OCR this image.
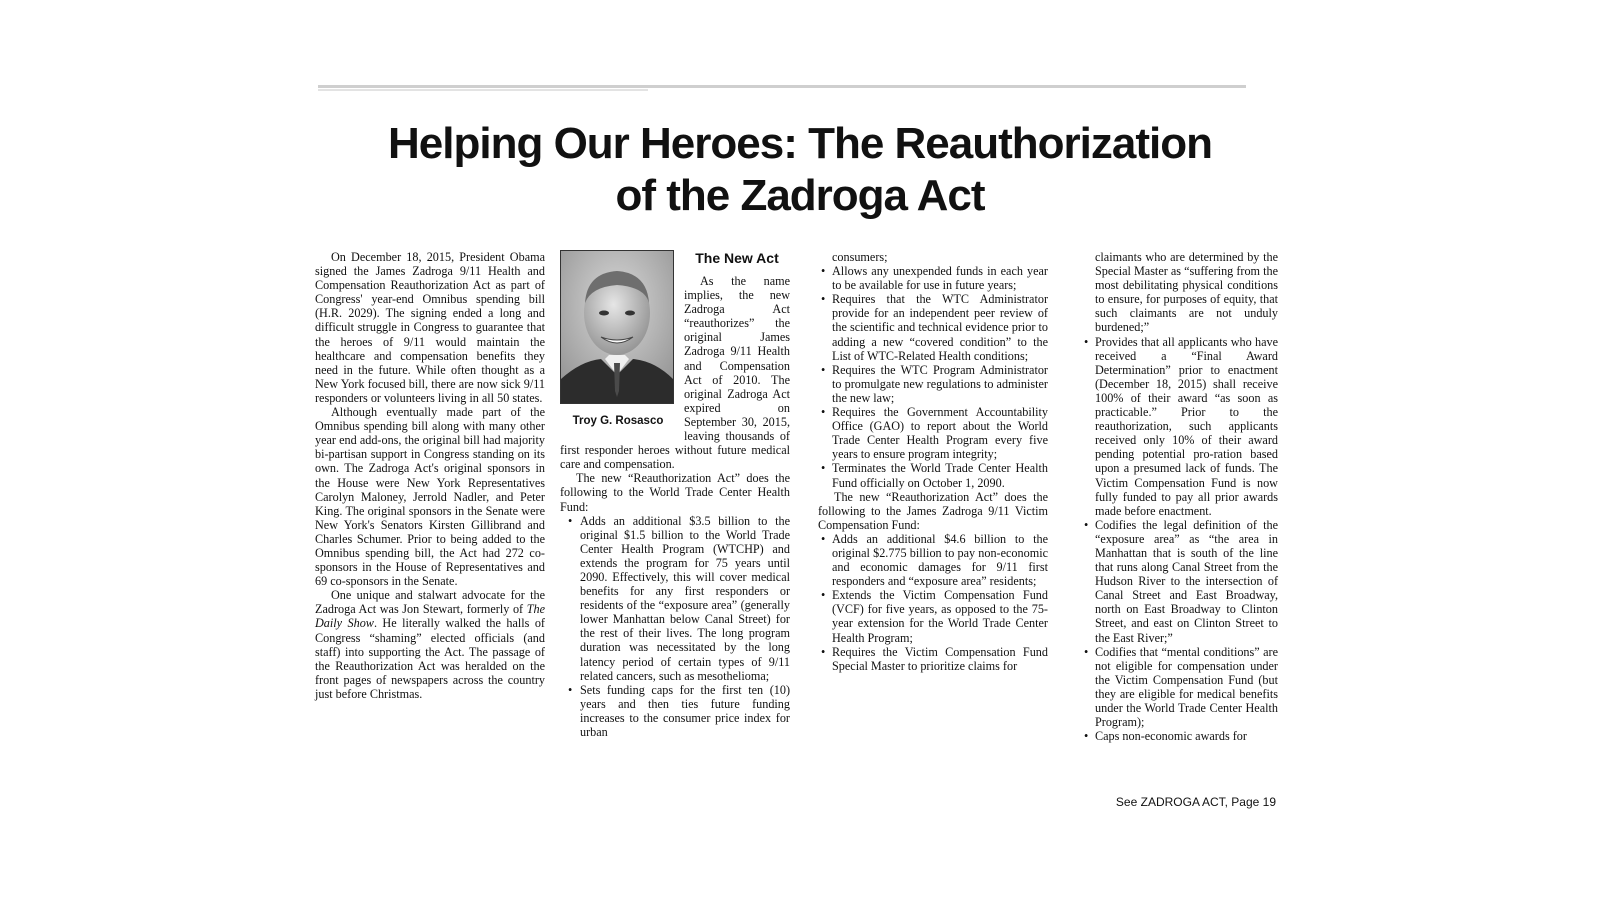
Helping Our Heroes: The Reauthorization
of the Zadroga Act

On December 18, 2015, President Obama signed the James Zadroga 9/11 Health and Compensation Reauthorization Act as part of Congress' year-end Omnibus spending bill (H.R. 2029). The signing ended a long and difficult struggle in Congress to guarantee that the heroes of 9/11 would maintain the healthcare and compensation benefits they need in the future. While often thought as a New York focused bill, there are now sick 9/11 responders or volunteers living in all 50 states.

Although eventually made part of the Omnibus spending bill along with many other year end add-ons, the original bill had majority bi-partisan support in Congress standing on its own. The Zadroga Act's original sponsors in the House were New York Representatives Carolyn Maloney, Jerrold Nadler, and Peter King. The original sponsors in the Senate were New York's Senators Kirsten Gillibrand and Charles Schumer. Prior to being added to the Omnibus spending bill, the Act had 272 co-sponsors in the House of Representatives and 69 co-sponsors in the Senate.

One unique and stalwart advocate for the Zadroga Act was Jon Stewart, formerly of The Daily Show. He literally walked the halls of Congress “shaming” elected officials (and staff) into supporting the Act. The passage of the Reauthorization Act was heralded on the front pages of newspapers across the country just before Christmas.

Troy G. Rosasco
The New Act

As the name implies, the new Zadroga Act “reauthorizes” the original James Zadroga 9/11 Health and Compensation Act of 2010. The original Zadroga Act expired on September 30, 2015, leaving thousands of first responder heroes without future medical care and compensation.

The new “Reauthorization Act” does the following to the World Trade Center Health Fund:

• Adds an additional $3.5 billion to the original $1.5 billion to the World Trade Center Health Program (WTCHP) and extends the program for 75 years until 2090. Effectively, this will cover medical benefits for any first responders or residents of the “exposure area” (generally lower Manhattan below Canal Street) for the rest of their lives. The long program duration was necessitated by the long latency period of certain types of 9/11 related cancers, such as mesothelioma;
• Sets funding caps for the first ten (10) years and then ties future funding increases to the consumer price index for urban

consumers;

• Allows any unexpended funds in each year to be available for use in future years;
• Requires that the WTC Administrator provide for an independent peer review of the scientific and technical evidence prior to adding a new “covered condition” to the List of WTC-Related Health conditions;
• Requires the WTC Program Administrator to promulgate new regulations to administer the new law;
• Requires the Government Accountability Office (GAO) to report about the World Trade Center Health Program every five years to ensure program integrity;
• Terminates the World Trade Center Health Fund officially on October 1, 2090.

The new “Reauthorization Act” does the following to the James Zadroga 9/11 Victim Compensation Fund:

• Adds an additional $4.6 billion to the original $2.775 billion to pay non-economic and economic damages for 9/11 first responders and “exposure area” residents;
• Extends the Victim Compensation Fund (VCF) for five years, as opposed to the 75-year extension for the World Trade Center Health Program;
• Requires the Victim Compensation Fund Special Master to prioritize claims for

claimants who are determined by the Special Master as “suffering from the most debilitating physical conditions to ensure, for purposes of equity, that such claimants are not unduly burdened;”

• Provides that all applicants who have received a “Final Award Determination” prior to enactment (December 18, 2015) shall receive 100% of their award “as soon as practicable.” Prior to the reauthorization, such applicants received only 10% of their award pending potential pro-ration based upon a presumed lack of funds. The Victim Compensation Fund is now fully funded to pay all prior awards made before enactment.
• Codifies the legal definition of the “exposure area” as “the area in Manhattan that is south of the line that runs along Canal Street from the Hudson River to the intersection of Canal Street and East Broadway, north on East Broadway to Clinton Street, and east on Clinton Street to the East River;”
• Codifies that “mental conditions” are not eligible for compensation under the Victim Compensation Fund (but they are eligible for medical benefits under the World Trade Center Health Program);
• Caps non-economic awards for
See ZADROGA ACT, Page 19
